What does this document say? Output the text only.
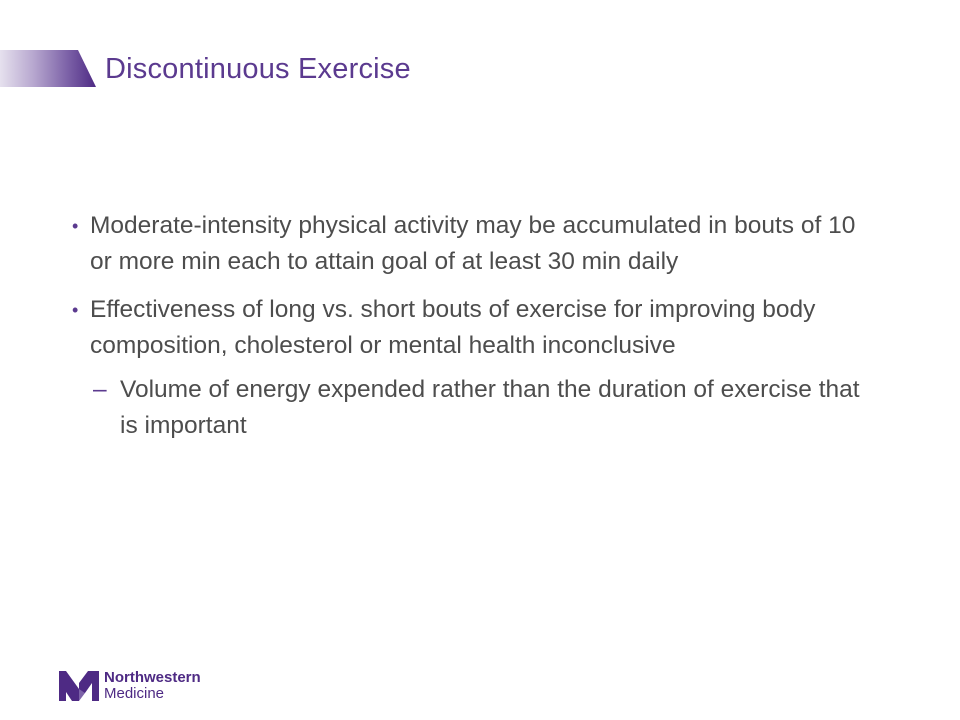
Discontinuous Exercise
• Moderate-intensity physical activity may be accumulated in bouts of 10 or more min each to attain goal of at least 30 min daily
• Effectiveness of long vs. short bouts of exercise for improving body composition, cholesterol or mental health inconclusive
– Volume of energy expended rather than the duration of exercise that is important
Northwestern
Medicine
